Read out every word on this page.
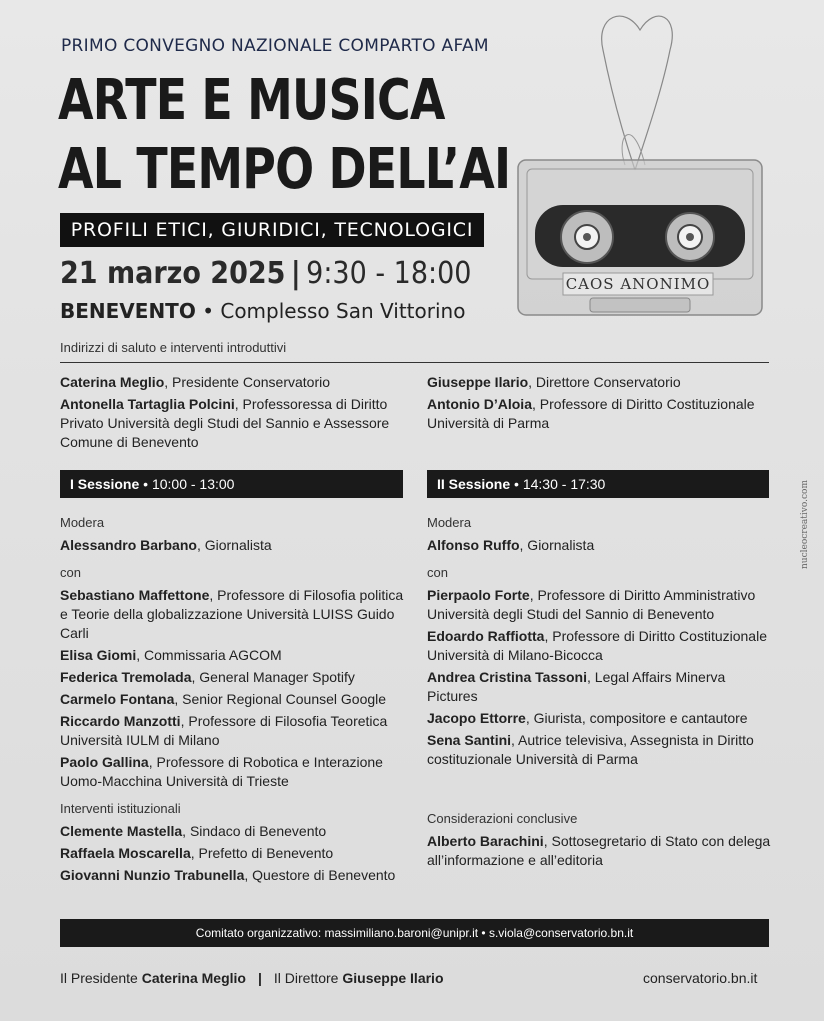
PRIMO CONVEGNO NAZIONALE COMPARTO AFAM
ARTE E MUSICA
AL TEMPO DELL’AI
PROFILI ETICI, GIURIDICI, TECNOLOGICI
21 marzo 2025 | 9:30 - 18:00
BENEVENTO • Complesso San Vittorino
CAOS ANONIMO
Indirizzi di saluto e interventi introduttivi
Caterina Meglio, Presidente Conservatorio
Antonella Tartaglia Polcini, Professoressa di Diritto Privato Università degli Studi del Sannio e Assessore Comune di Benevento
Giuseppe Ilario, Direttore Conservatorio
Antonio D’Aloia, Professore di Diritto Costituzionale Università di Parma
I Sessione • 10:00 - 13:00	II Sessione • 14:30 - 17:30
Modera
Alessandro Barbano, Giornalista
con
Sebastiano Maffettone, Professore di Filosofia politica e Teorie della globalizzazione Università LUISS Guido Carli
Elisa Giomi, Commissaria AGCOM
Federica Tremolada, General Manager Spotify
Carmelo Fontana, Senior Regional Counsel Google
Riccardo Manzotti, Professore di Filosofia Teoretica Università IULM di Milano
Paolo Gallina, Professore di Robotica e Interazione Uomo-Macchina Università di Trieste
Interventi istituzionali
Clemente Mastella, Sindaco di Benevento
Raffaela Moscarella, Prefetto di Benevento
Giovanni Nunzio Trabunella, Questore di Benevento
Modera
Alfonso Ruffo, Giornalista
con
Pierpaolo Forte, Professore di Diritto Amministrativo Università degli Studi del Sannio di Benevento
Edoardo Raffiotta, Professore di Diritto Costituzionale Università di Milano-Bicocca
Andrea Cristina Tassoni, Legal Affairs Minerva Pictures
Jacopo Ettorre, Giurista, compositore e cantautore
Sena Santini, Autrice televisiva, Assegnista in Diritto costituzionale Università di Parma
Considerazioni conclusive
Alberto Barachini, Sottosegretario di Stato con delega all’informazione e all’editoria
Comitato organizzativo: massimiliano.baroni@unipr.it • s.viola@conservatorio.bn.it
Il Presidente Caterina Meglio | Il Direttore Giuseppe Ilario	conservatorio.bn.it
nucleocreativo.com
